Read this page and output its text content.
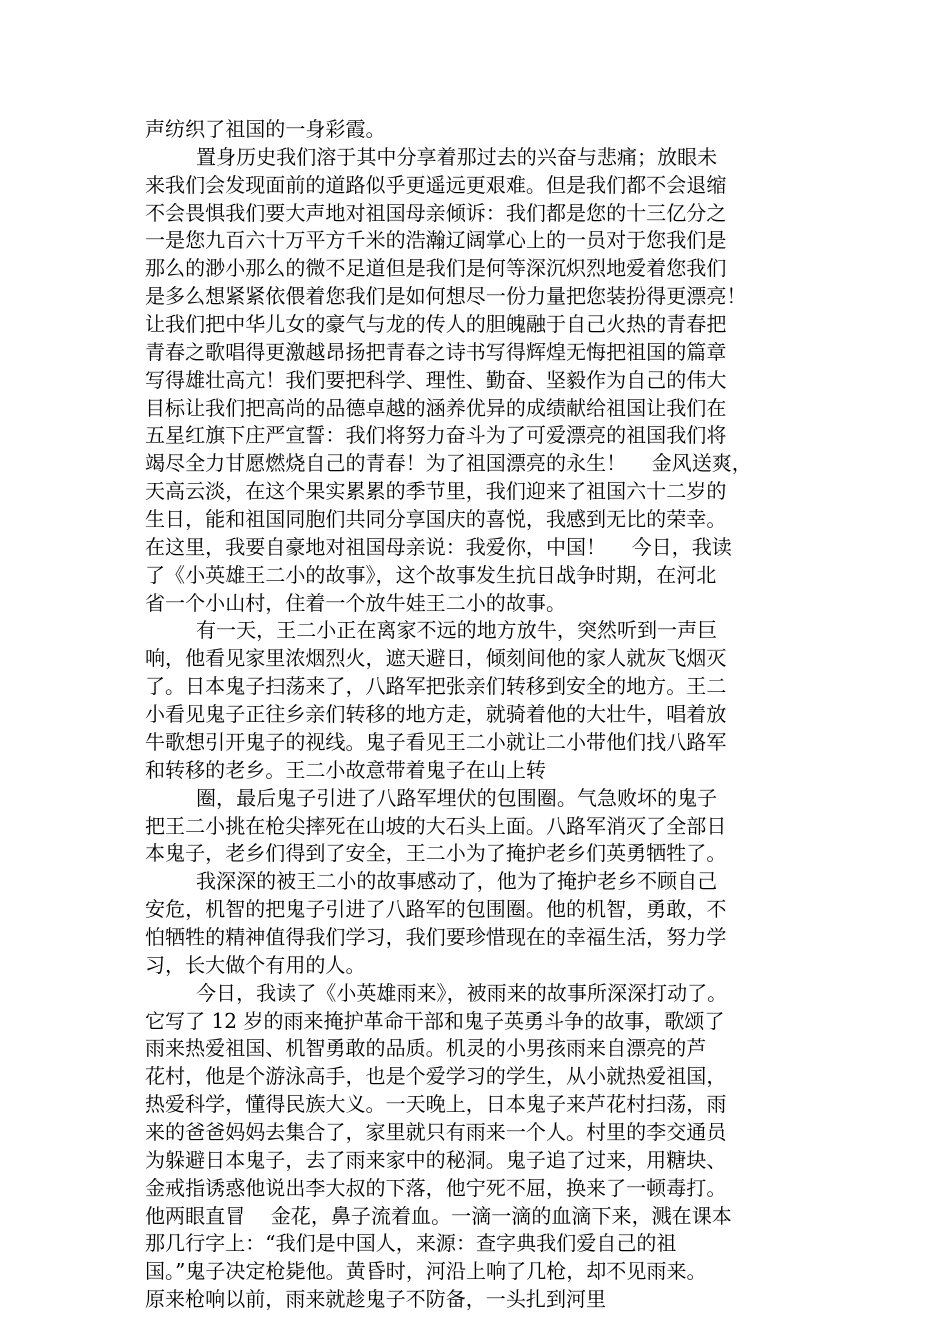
声纺织了祖国的一身彩霞。
置身历史我们溶于其中分享着那过去的兴奋与悲痛；放眼未
来我们会发现面前的道路似乎更遥远更艰难。但是我们都不会退缩
不会畏惧我们要大声地对祖国母亲倾诉：我们都是您的十三亿分之
一是您九百六十万平方千米的浩瀚辽阔掌心上的一员对于您我们是
那么的渺小那么的微不足道但是我们是何等深沉炽烈地爱着您我们
是多么想紧紧依偎着您我们是如何想尽一份力量把您装扮得更漂亮！
让我们把中华儿女的豪气与龙的传人的胆魄融于自己火热的青春把
青春之歌唱得更激越昂扬把青春之诗书写得辉煌无悔把祖国的篇章
写得雄壮高亢！我们要把科学、理性、勤奋、坚毅作为自己的伟大
目标让我们把高尚的品德卓越的涵养优异的成绩献给祖国让我们在
五星红旗下庄严宣誓：我们将努力奋斗为了可爱漂亮的祖国我们将
竭尽全力甘愿燃烧自己的青春！为了祖国漂亮的永生！    金风送爽，
天高云淡，在这个果实累累的季节里，我们迎来了祖国六十二岁的
生日，能和祖国同胞们共同分享国庆的喜悦，我感到无比的荣幸。
在这里，我要自豪地对祖国母亲说：我爱你，中国！    今日，我读
了《小英雄王二小的故事》，这个故事发生抗日战争时期，在河北
省一个小山村，住着一个放牛娃王二小的故事。
有一天，王二小正在离家不远的地方放牛，突然听到一声巨
响，他看见家里浓烟烈火，遮天避日，倾刻间他的家人就灰飞烟灭
了。日本鬼子扫荡来了，八路军把张亲们转移到安全的地方。王二
小看见鬼子正往乡亲们转移的地方走，就骑着他的大壮牛，唱着放
牛歌想引开鬼子的视线。鬼子看见王二小就让二小带他们找八路军
和转移的老乡。王二小故意带着鬼子在山上转
圈，最后鬼子引进了八路军埋伏的包围圈。气急败坏的鬼子
把王二小挑在枪尖摔死在山坡的大石头上面。八路军消灭了全部日
本鬼子，老乡们得到了安全，王二小为了掩护老乡们英勇牺牲了。
我深深的被王二小的故事感动了，他为了掩护老乡不顾自己
安危，机智的把鬼子引进了八路军的包围圈。他的机智，勇敢，不
怕牺牲的精神值得我们学习，我们要珍惜现在的幸福生活，努力学
习，长大做个有用的人。
今日，我读了《小英雄雨来》，被雨来的故事所深深打动了。
它写了 12 岁的雨来掩护革命干部和鬼子英勇斗争的故事，歌颂了
雨来热爱祖国、机智勇敢的品质。机灵的小男孩雨来自漂亮的芦
花村，他是个游泳高手，也是个爱学习的学生，从小就热爱祖国，
热爱科学，懂得民族大义。一天晚上，日本鬼子来芦花村扫荡，雨
来的爸爸妈妈去集合了，家里就只有雨来一个人。村里的李交通员
为躲避日本鬼子，去了雨来家中的秘洞。鬼子追了过来，用糖块、
金戒指诱惑他说出李大叔的下落，他宁死不屈，换来了一顿毒打。
他两眼直冒    金花，鼻子流着血。一滴一滴的血滴下来，溅在课本
那几行字上：“我们是中国人，来源：查字典我们爱自己的祖
国。”鬼子决定枪毙他。黄昏时，河沿上响了几枪，却不见雨来。
原来枪响以前，雨来就趁鬼子不防备，一头扎到河里
